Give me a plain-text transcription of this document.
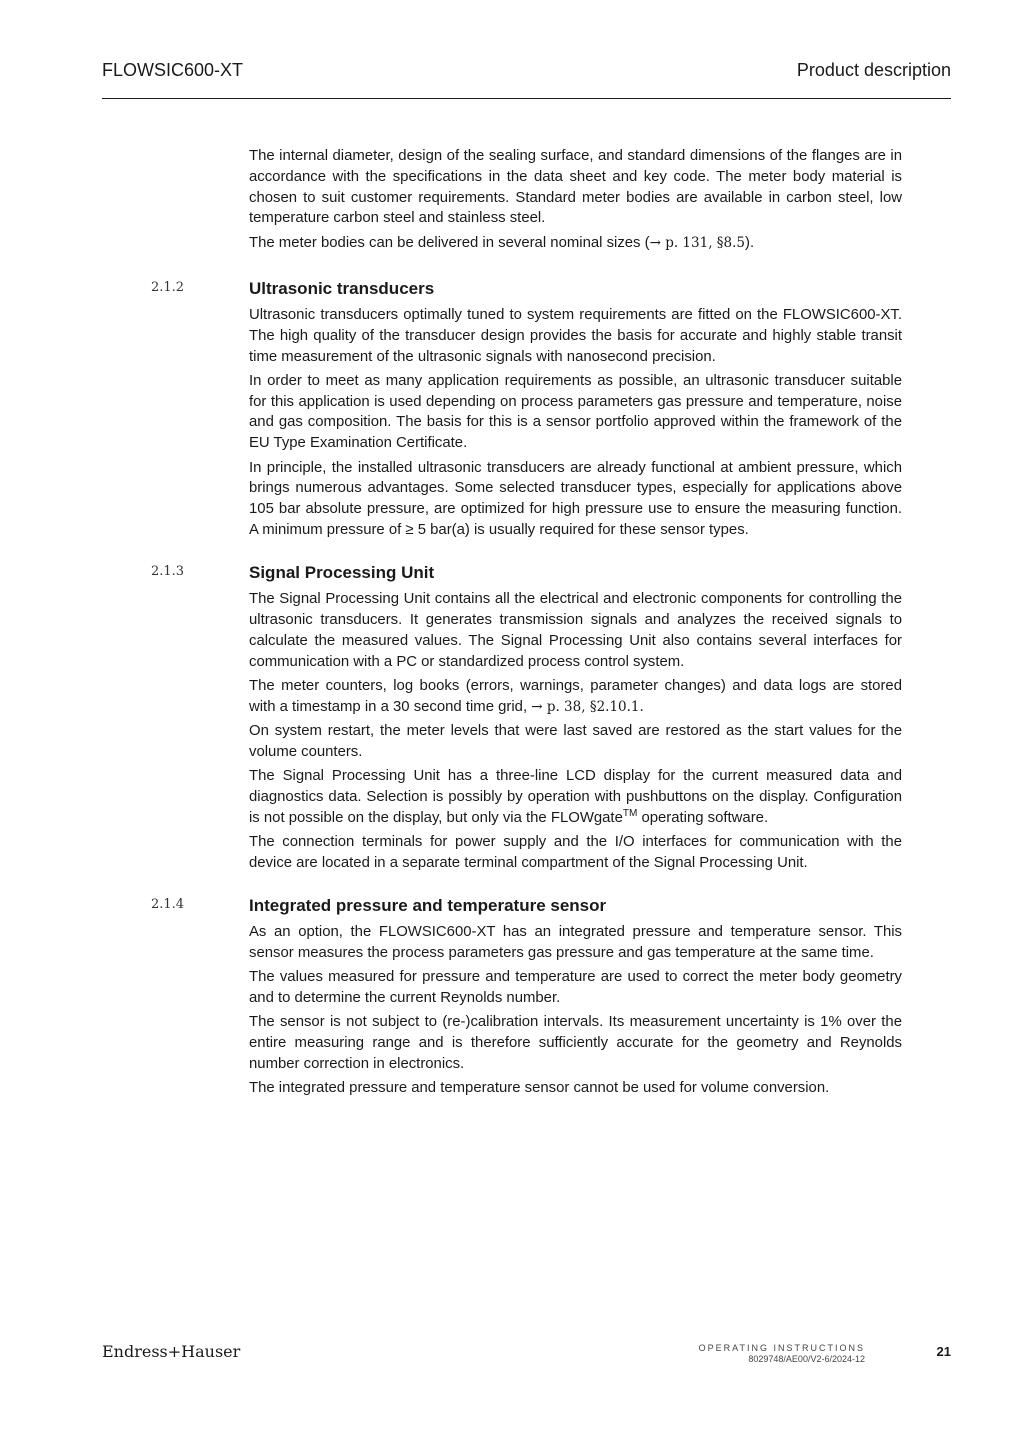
FLOWSIC600-XT	Product description

The internal diameter, design of the sealing surface, and standard dimensions of the flanges are in accordance with the specifications in the data sheet and key code. The meter body material is chosen to suit customer requirements. Standard meter bodies are available in carbon steel, low temperature carbon steel and stainless steel.

The meter bodies can be delivered in several nominal sizes (→ p. 131, §8.5).

2.1.2	Ultrasonic transducers

Ultrasonic transducers optimally tuned to system requirements are fitted on the FLOWSIC600-XT. The high quality of the transducer design provides the basis for accurate and highly stable transit time measurement of the ultrasonic signals with nanosecond precision.

In order to meet as many application requirements as possible, an ultrasonic transducer suitable for this application is used depending on process parameters gas pressure and temperature, noise and gas composition. The basis for this is a sensor portfolio approved within the framework of the EU Type Examination Certificate.

In principle, the installed ultrasonic transducers are already functional at ambient pressure, which brings numerous advantages. Some selected transducer types, especially for applications above 105 bar absolute pressure, are optimized for high pressure use to ensure the measuring function. A minimum pressure of ≥ 5 bar(a) is usually required for these sensor types.

2.1.3	Signal Processing Unit

The Signal Processing Unit contains all the electrical and electronic components for controlling the ultrasonic transducers. It generates transmission signals and analyzes the received signals to calculate the measured values. The Signal Processing Unit also contains several interfaces for communication with a PC or standardized process control system.

The meter counters, log books (errors, warnings, parameter changes) and data logs are stored with a timestamp in a 30 second time grid, → p. 38, §2.10.1.

On system restart, the meter levels that were last saved are restored as the start values for the volume counters.

The Signal Processing Unit has a three-line LCD display for the current measured data and diagnostics data. Selection is possibly by operation with pushbuttons on the display. Configuration is not possible on the display, but only via the FLOWgate™ operating software.

The connection terminals for power supply and the I/O interfaces for communication with the device are located in a separate terminal compartment of the Signal Processing Unit.

2.1.4	Integrated pressure and temperature sensor

As an option, the FLOWSIC600-XT has an integrated pressure and temperature sensor. This sensor measures the process parameters gas pressure and gas temperature at the same time.

The values measured for pressure and temperature are used to correct the meter body geometry and to determine the current Reynolds number.

The sensor is not subject to (re-)calibration intervals. Its measurement uncertainty is 1% over the entire measuring range and is therefore sufficiently accurate for the geometry and Reynolds number correction in electronics.

The integrated pressure and temperature sensor cannot be used for volume conversion.

Endress+Hauser	OPERATING INSTRUCTIONS
8029748/AE00/V2-6/2024-12	21
